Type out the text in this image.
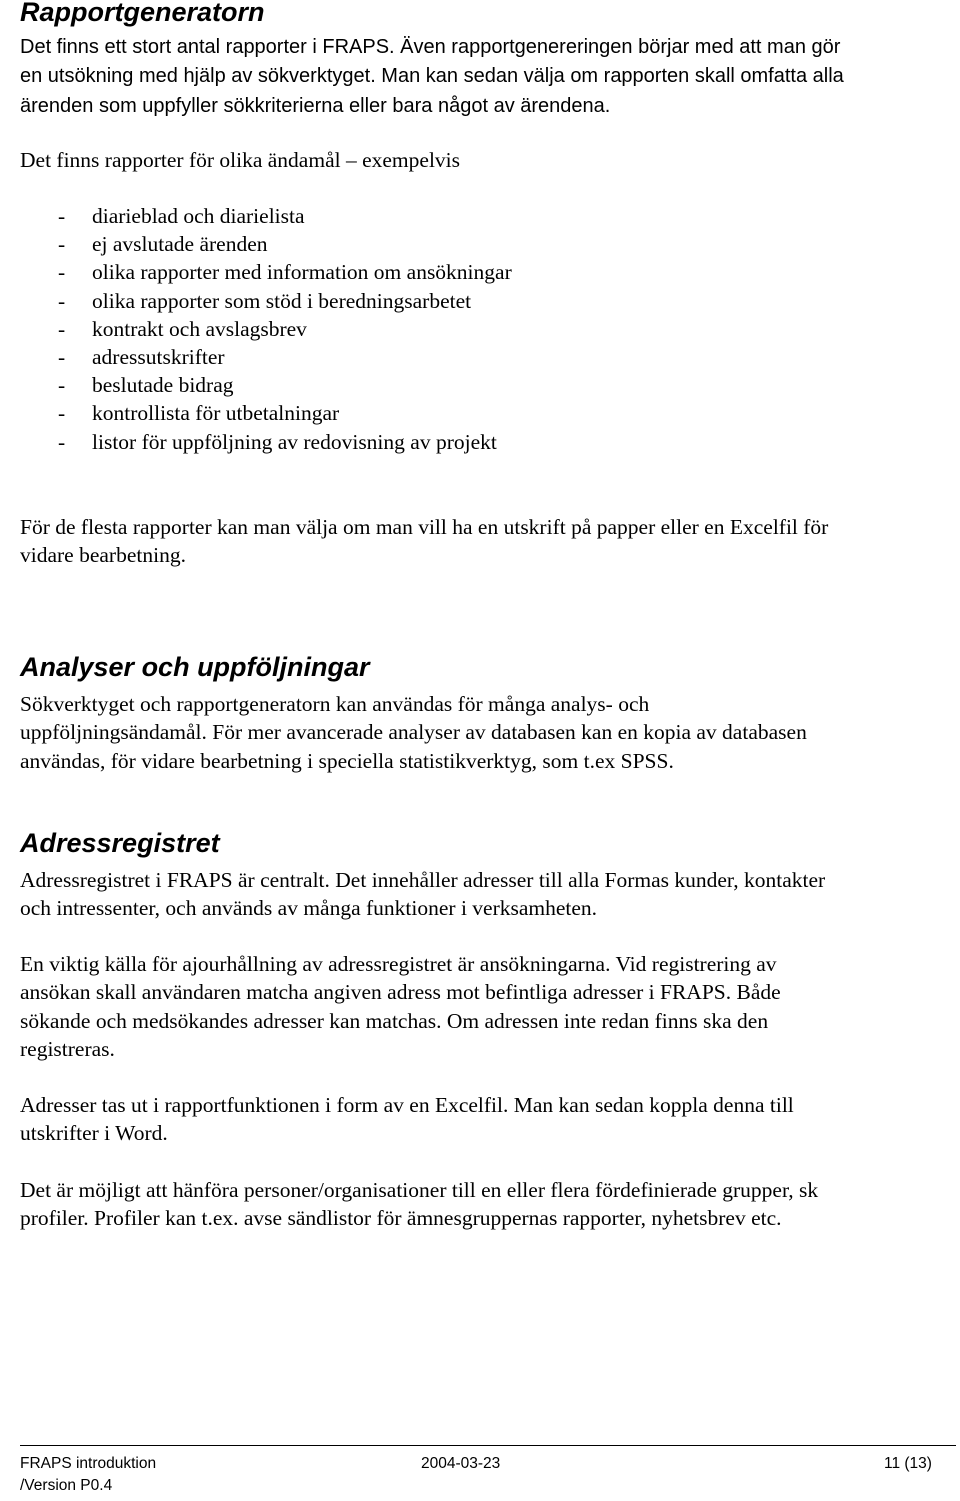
Rapportgeneratorn

Det finns ett stort antal rapporter i FRAPS. Även rapportgenereringen börjar med att man gör
en utsökning med hjälp av sökverktyget. Man kan sedan välja om rapporten skall omfatta alla
ärenden som uppfyller sökkriterierna eller bara något av ärendena.

Det finns rapporter för olika ändamål – exempelvis

- diarieblad och diarielista
- ej avslutade ärenden
- olika rapporter med information om ansökningar
- olika rapporter som stöd i beredningsarbetet
- kontrakt och avslagsbrev
- adressutskrifter
- beslutade bidrag
- kontrollista för utbetalningar
- listor för uppföljning av redovisning av projekt

För de flesta rapporter kan man välja om man vill ha en utskrift på papper eller en Excelfil för
vidare bearbetning.

Analyser och uppföljningar

Sökverktyget och rapportgeneratorn kan användas för många analys- och
uppföljningsändamål. För mer avancerade analyser av databasen kan en kopia av databasen
användas, för vidare bearbetning i speciella statistikverktyg, som t.ex SPSS.

Adressregistret

Adressregistret i FRAPS är centralt. Det innehåller adresser till alla Formas kunder, kontakter
och intressenter, och används av många funktioner i verksamheten.

En viktig källa för ajourhållning av adressregistret är ansökningarna. Vid registrering av
ansökan skall användaren matcha angiven adress mot befintliga adresser i FRAPS. Både
sökande och medsökandes adresser kan matchas. Om adressen inte redan finns ska den
registreras.

Adresser tas ut i rapportfunktionen i form av en Excelfil. Man kan sedan koppla denna till
utskrifter i Word.

Det är möjligt att hänföra personer/organisationer till en eller flera fördefinierade grupper, sk
profiler. Profiler kan t.ex. avse sändlistor för ämnesgruppernas rapporter, nyhetsbrev etc.

FRAPS introduktion
/Version P0.4
2004-03-23	11 (13)
